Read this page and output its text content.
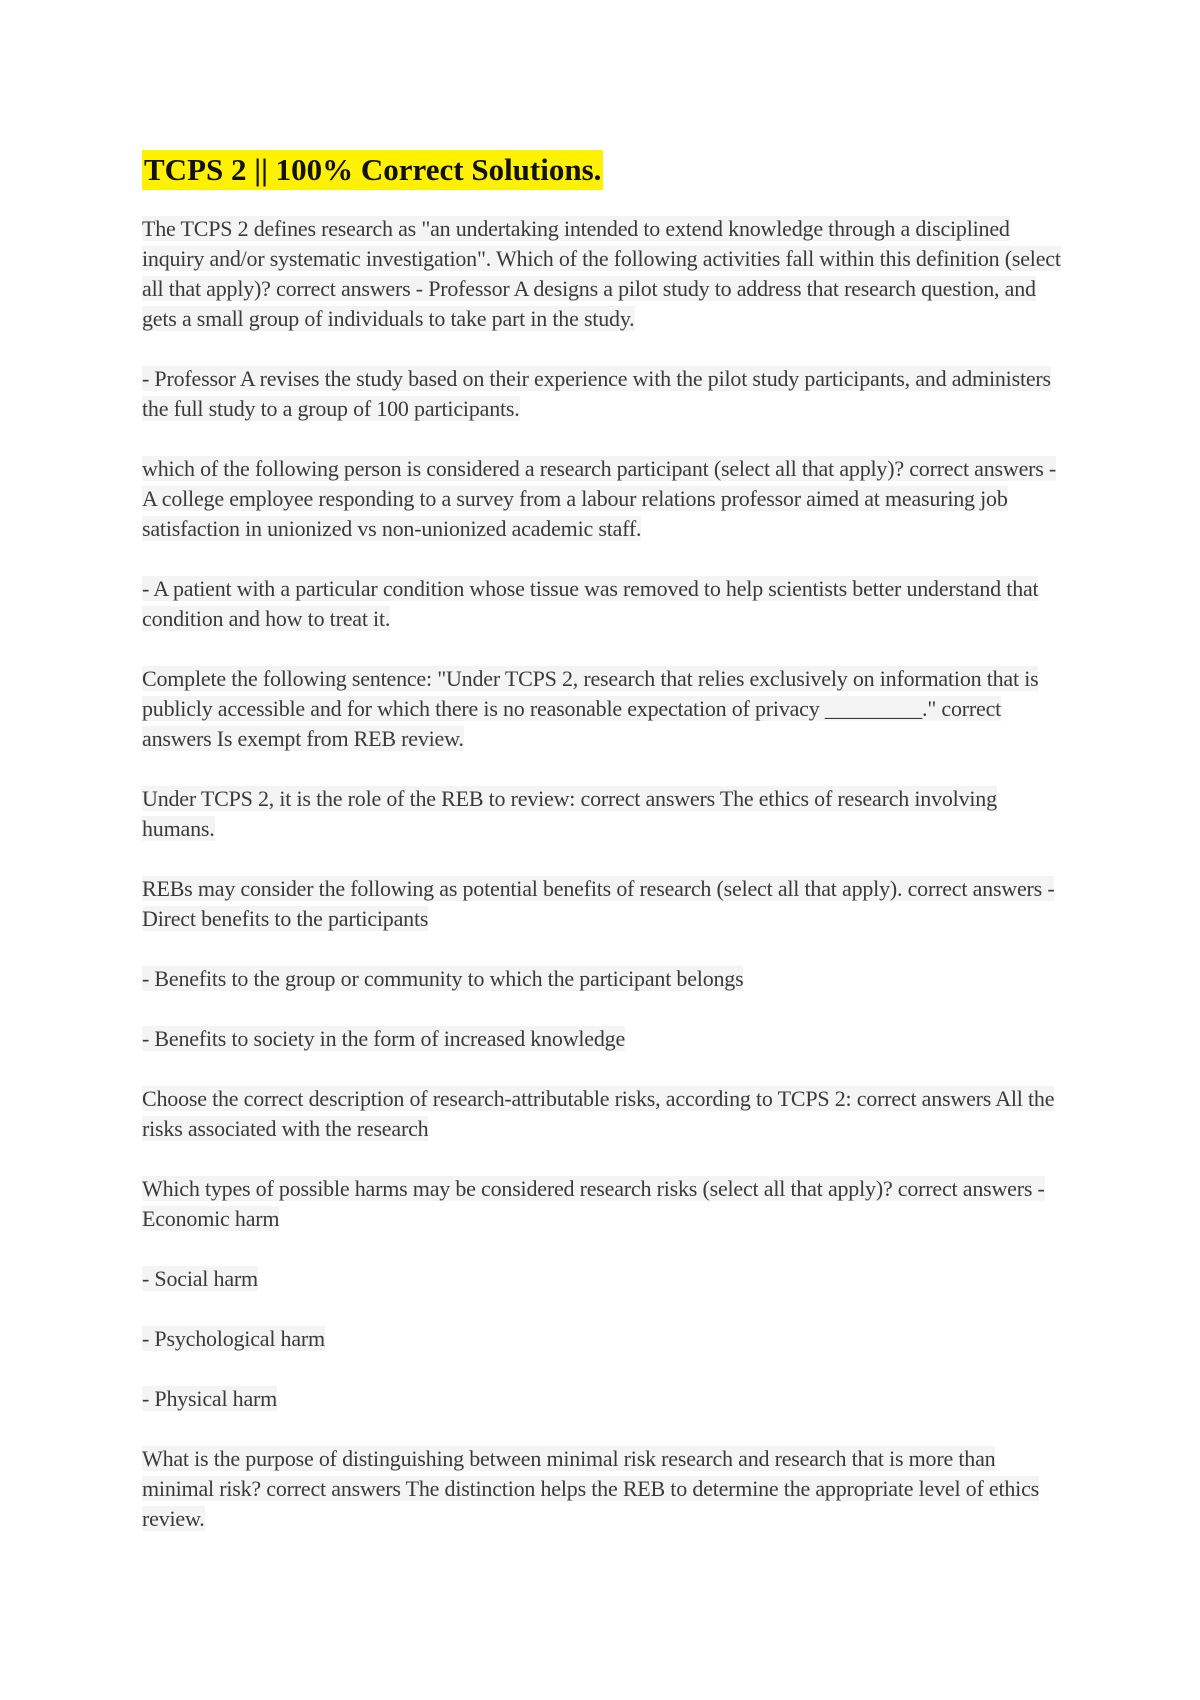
TCPS 2 || 100% Correct Solutions.

The TCPS 2 defines research as "an undertaking intended to extend knowledge through a disciplined inquiry and/or systematic investigation". Which of the following activities fall within this definition (select all that apply)? correct answers - Professor A designs a pilot study to address that research question, and gets a small group of individuals to take part in the study.

- Professor A revises the study based on their experience with the pilot study participants, and administers the full study to a group of 100 participants.

which of the following person is considered a research participant (select all that apply)? correct answers - A college employee responding to a survey from a labour relations professor aimed at measuring job satisfaction in unionized vs non-unionized academic staff.

- A patient with a particular condition whose tissue was removed to help scientists better understand that condition and how to treat it.

Complete the following sentence: "Under TCPS 2, research that relies exclusively on information that is publicly accessible and for which there is no reasonable expectation of privacy _________." correct answers Is exempt from REB review.

Under TCPS 2, it is the role of the REB to review: correct answers The ethics of research involving humans.

REBs may consider the following as potential benefits of research (select all that apply). correct answers - Direct benefits to the participants

- Benefits to the group or community to which the participant belongs

- Benefits to society in the form of increased knowledge

Choose the correct description of research-attributable risks, according to TCPS 2: correct answers All the risks associated with the research

Which types of possible harms may be considered research risks (select all that apply)? correct answers - Economic harm

- Social harm

- Psychological harm

- Physical harm

What is the purpose of distinguishing between minimal risk research and research that is more than minimal risk? correct answers The distinction helps the REB to determine the appropriate level of ethics review.
